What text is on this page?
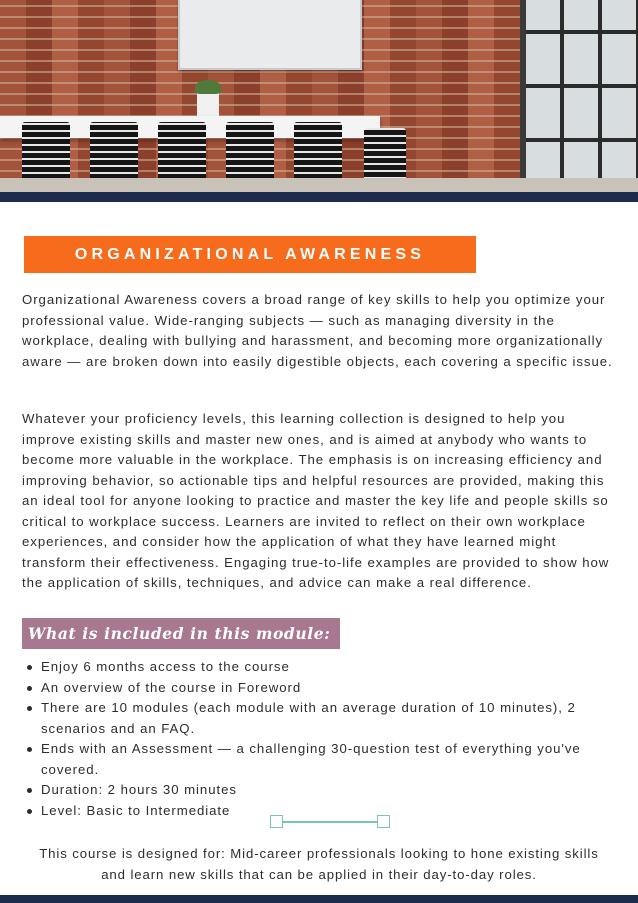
ORGANIZATIONAL AWARENESS

Organizational Awareness covers a broad range of key skills to help you optimize your professional value. Wide-ranging subjects — such as managing diversity in the workplace, dealing with bullying and harassment, and becoming more organizationally aware — are broken down into easily digestible objects, each covering a specific issue.

Whatever your proficiency levels, this learning collection is designed to help you improve existing skills and master new ones, and is aimed at anybody who wants to become more valuable in the workplace. The emphasis is on increasing efficiency and improving behavior, so actionable tips and helpful resources are provided, making this an ideal tool for anyone looking to practice and master the key life and people skills so critical to workplace success. Learners are invited to reflect on their own workplace experiences, and consider how the application of what they have learned might transform their effectiveness. Engaging true-to-life examples are provided to show how the application of skills, techniques, and advice can make a real difference.

What is included in this module:
Enjoy 6 months access to the course
An overview of the course in Foreword
There are 10 modules (each module with an average duration of 10 minutes), 2 scenarios and an FAQ.
Ends with an Assessment — a challenging 30-question test of everything you've covered.
Duration: 2 hours 30 minutes
Level: Basic to Intermediate

This course is designed for: Mid-career professionals looking to hone existing skills and learn new skills that can be applied in their day-to-day roles.
